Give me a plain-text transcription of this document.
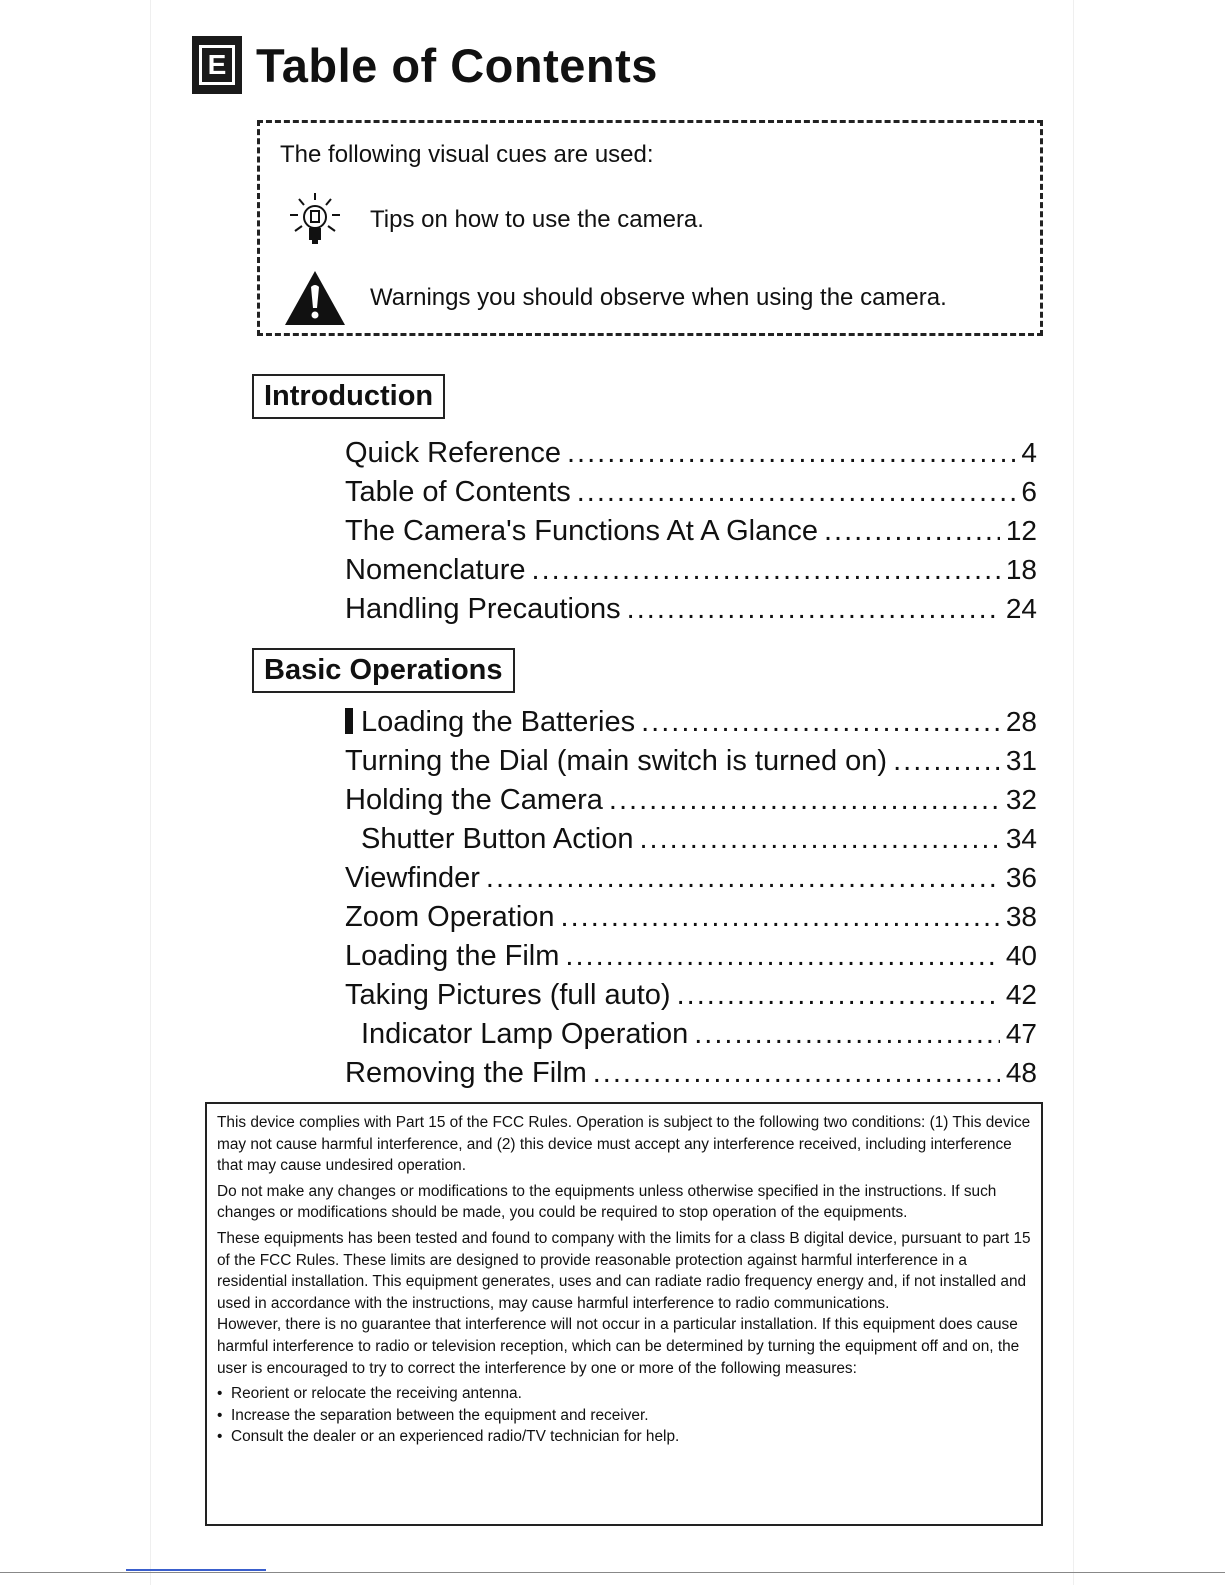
E Table of Contents
The following visual cues are used:
Tips on how to use the camera.
Warnings you should observe when using the camera.
Introduction
Quick Reference .....	4
Table of Contents .....	6
The Camera's Functions At A Glance .....	12
Nomenclature .....	18
Handling Precautions .....	24
Basic Operations
Loading the Batteries .....	28
Turning the Dial (main switch is turned on) .....	31
Holding the Camera .....	32
Shutter Button Action .....	34
Viewfinder .....	36
Zoom Operation .....	38
Loading the Film .....	40
Taking Pictures (full auto) .....	42
Indicator Lamp Operation .....	47
Removing the Film .....	48

This device complies with Part 15 of the FCC Rules. Operation is subject to the following two conditions: (1) This device may not cause harmful interference, and (2) this device must accept any interference received, including interference that may cause undesired operation.

Do not make any changes or modifications to the equipments unless otherwise specified in the instructions. If such changes or modifications should be made, you could be required to stop operation of the equipments.

These equipments has been tested and found to company with the limits for a class B digital device, pursuant to part 15 of the FCC Rules. These limits are designed to provide reasonable protection against harmful interference in a residential installation. This equipment generates, uses and can radiate radio frequency energy and, if not installed and used in accordance with the instructions, may cause harmful interference to radio communications.

However, there is no guarantee that interference will not occur in a particular installation. If this equipment does cause harmful interference to radio or television reception, which can be determined by turning the equipment off and on, the user is encouraged to try to correct the interference by one or more of the following measures:

• Reorient or relocate the receiving antenna.
• Increase the separation between the equipment and receiver.
• Consult the dealer or an experienced radio/TV technician for help.
